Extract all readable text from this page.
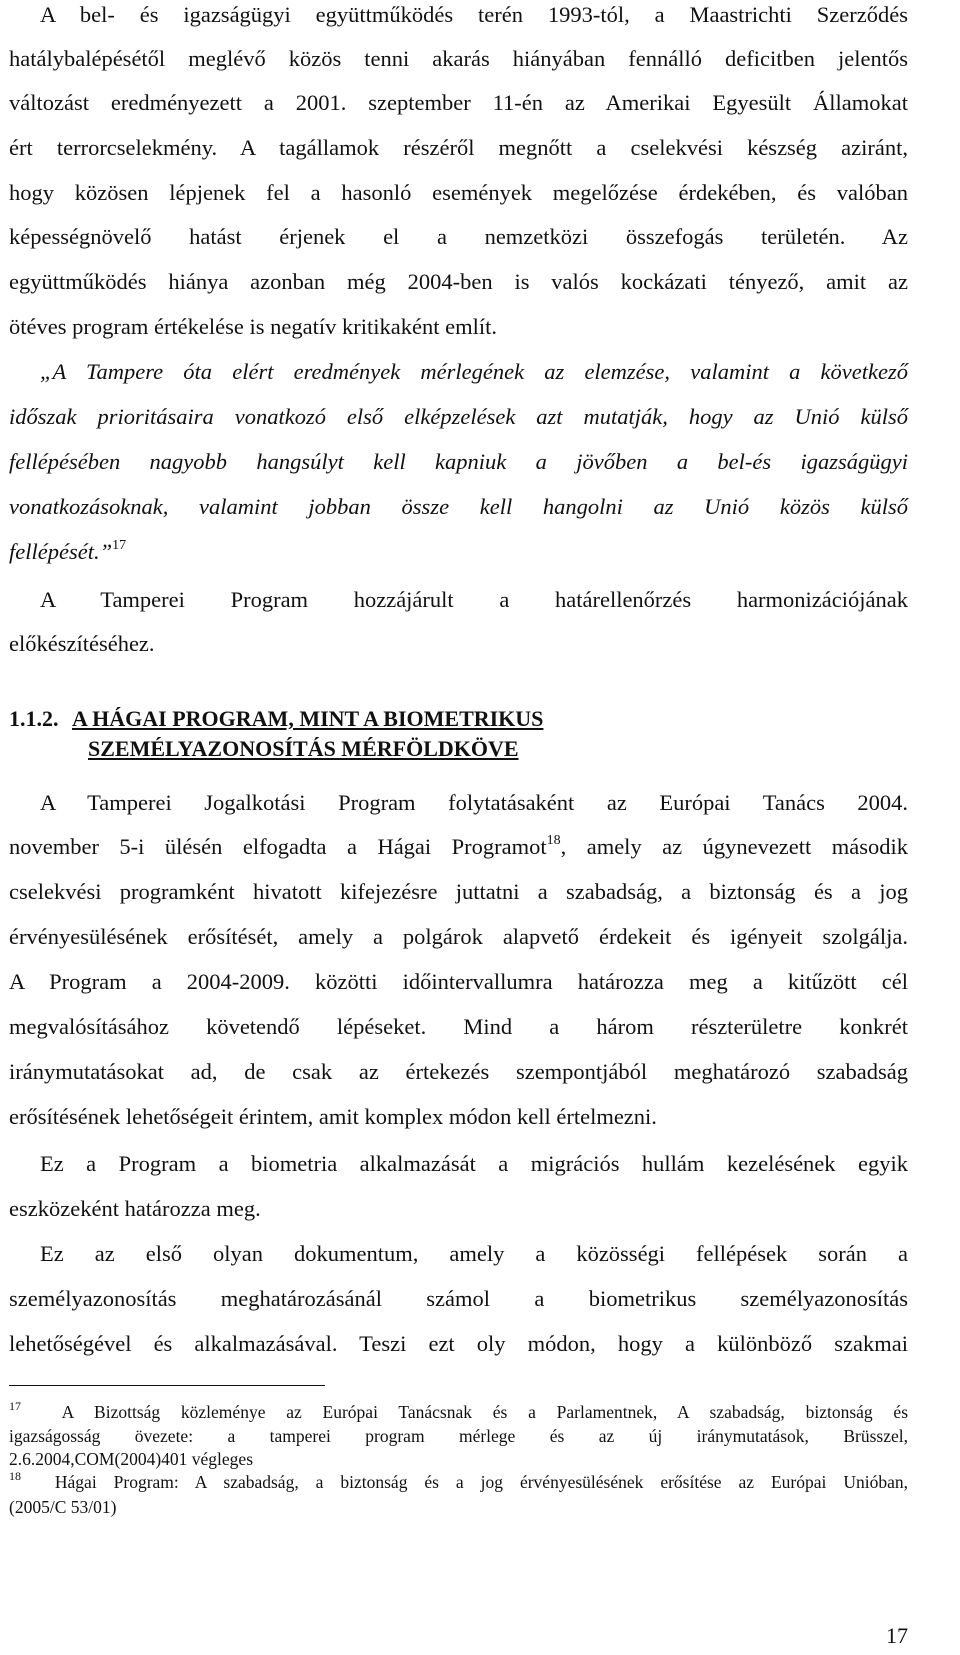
A bel- és igazságügyi együttműködés terén 1993-tól, a Maastrichti Szerződés
hatálybalépésétől meglévő közös tenni akarás hiányában fennálló deficitben jelentős
változást eredményezett a 2001. szeptember 11-én az Amerikai Egyesült Államokat
ért terrorcselekmény. A tagállamok részéről megnőtt a cselekvési készség aziránt,
hogy közösen lépjenek fel a hasonló események megelőzése érdekében, és valóban
képességnövelő hatást érjenek el a nemzetközi összefogás területén. Az
együttműködés hiánya azonban még 2004-ben is valós kockázati tényező, amit az
ötéves program értékelése is negatív kritikaként említ.
„A Tampere óta elért eredmények mérlegének az elemzése, valamint a következő
időszak prioritásaira vonatkozó első elképzelések azt mutatják, hogy az Unió külső
fellépésében nagyobb hangsúlyt kell kapniuk a jövőben a bel-és igazságügyi
vonatkozásoknak, valamint jobban össze kell hangolni az Unió közös külső
fellépését.”$^{17}$
A Tamperei Program hozzájárult a határellenőrzés harmonizációjának
előkészítéséhez.
1.1.2. A HÁGAI PROGRAM, MINT A BIOMETRIKUS
SZEMÉLYAZONOSÍTÁS MÉRFÖLDKÖVE
A Tamperei Jogalkotási Program folytatásaként az Európai Tanács 2004.
november 5-i ülésén elfogadta a Hágai Programot$^{18}$, amely az úgynevezett második
cselekvési programként hivatott kifejezésre juttatni a szabadság, a biztonság és a jog
érvényesülésének erősítését, amely a polgárok alapvető érdekeit és igényeit szolgálja.
A Program a 2004-2009. közötti időintervallumra határozza meg a kitűzött cél
megvalósításához követendő lépéseket. Mind a három részterületre konkrét
iránymutatásokat ad, de csak az értekezés szempontjából meghatározó szabadság
erősítésének lehetőségeit érintem, amit komplex módon kell értelmezni.
Ez a Program a biometria alkalmazását a migrációs hullám kezelésének egyik
eszközeként határozza meg.
Ez az első olyan dokumentum, amely a közösségi fellépések során a
személyazonosítás meghatározásánál számol a biometrikus személyazonosítás
lehetőségével és alkalmazásával. Teszi ezt oly módon, hogy a különböző szakmai
$^{17}$ A Bizottság közleménye az Európai Tanácsnak és a Parlamentnek, A szabadság, biztonság és
igazságosság övezete: a tamperei program mérlege és az új iránymutatások, Brüsszel,
2.6.2004,COM(2004)401 végleges
$^{18}$ Hágai Program: A szabadság, a biztonság és a jog érvényesülésének erősítése az Európai Unióban,
(2005/C 53/01)
17
